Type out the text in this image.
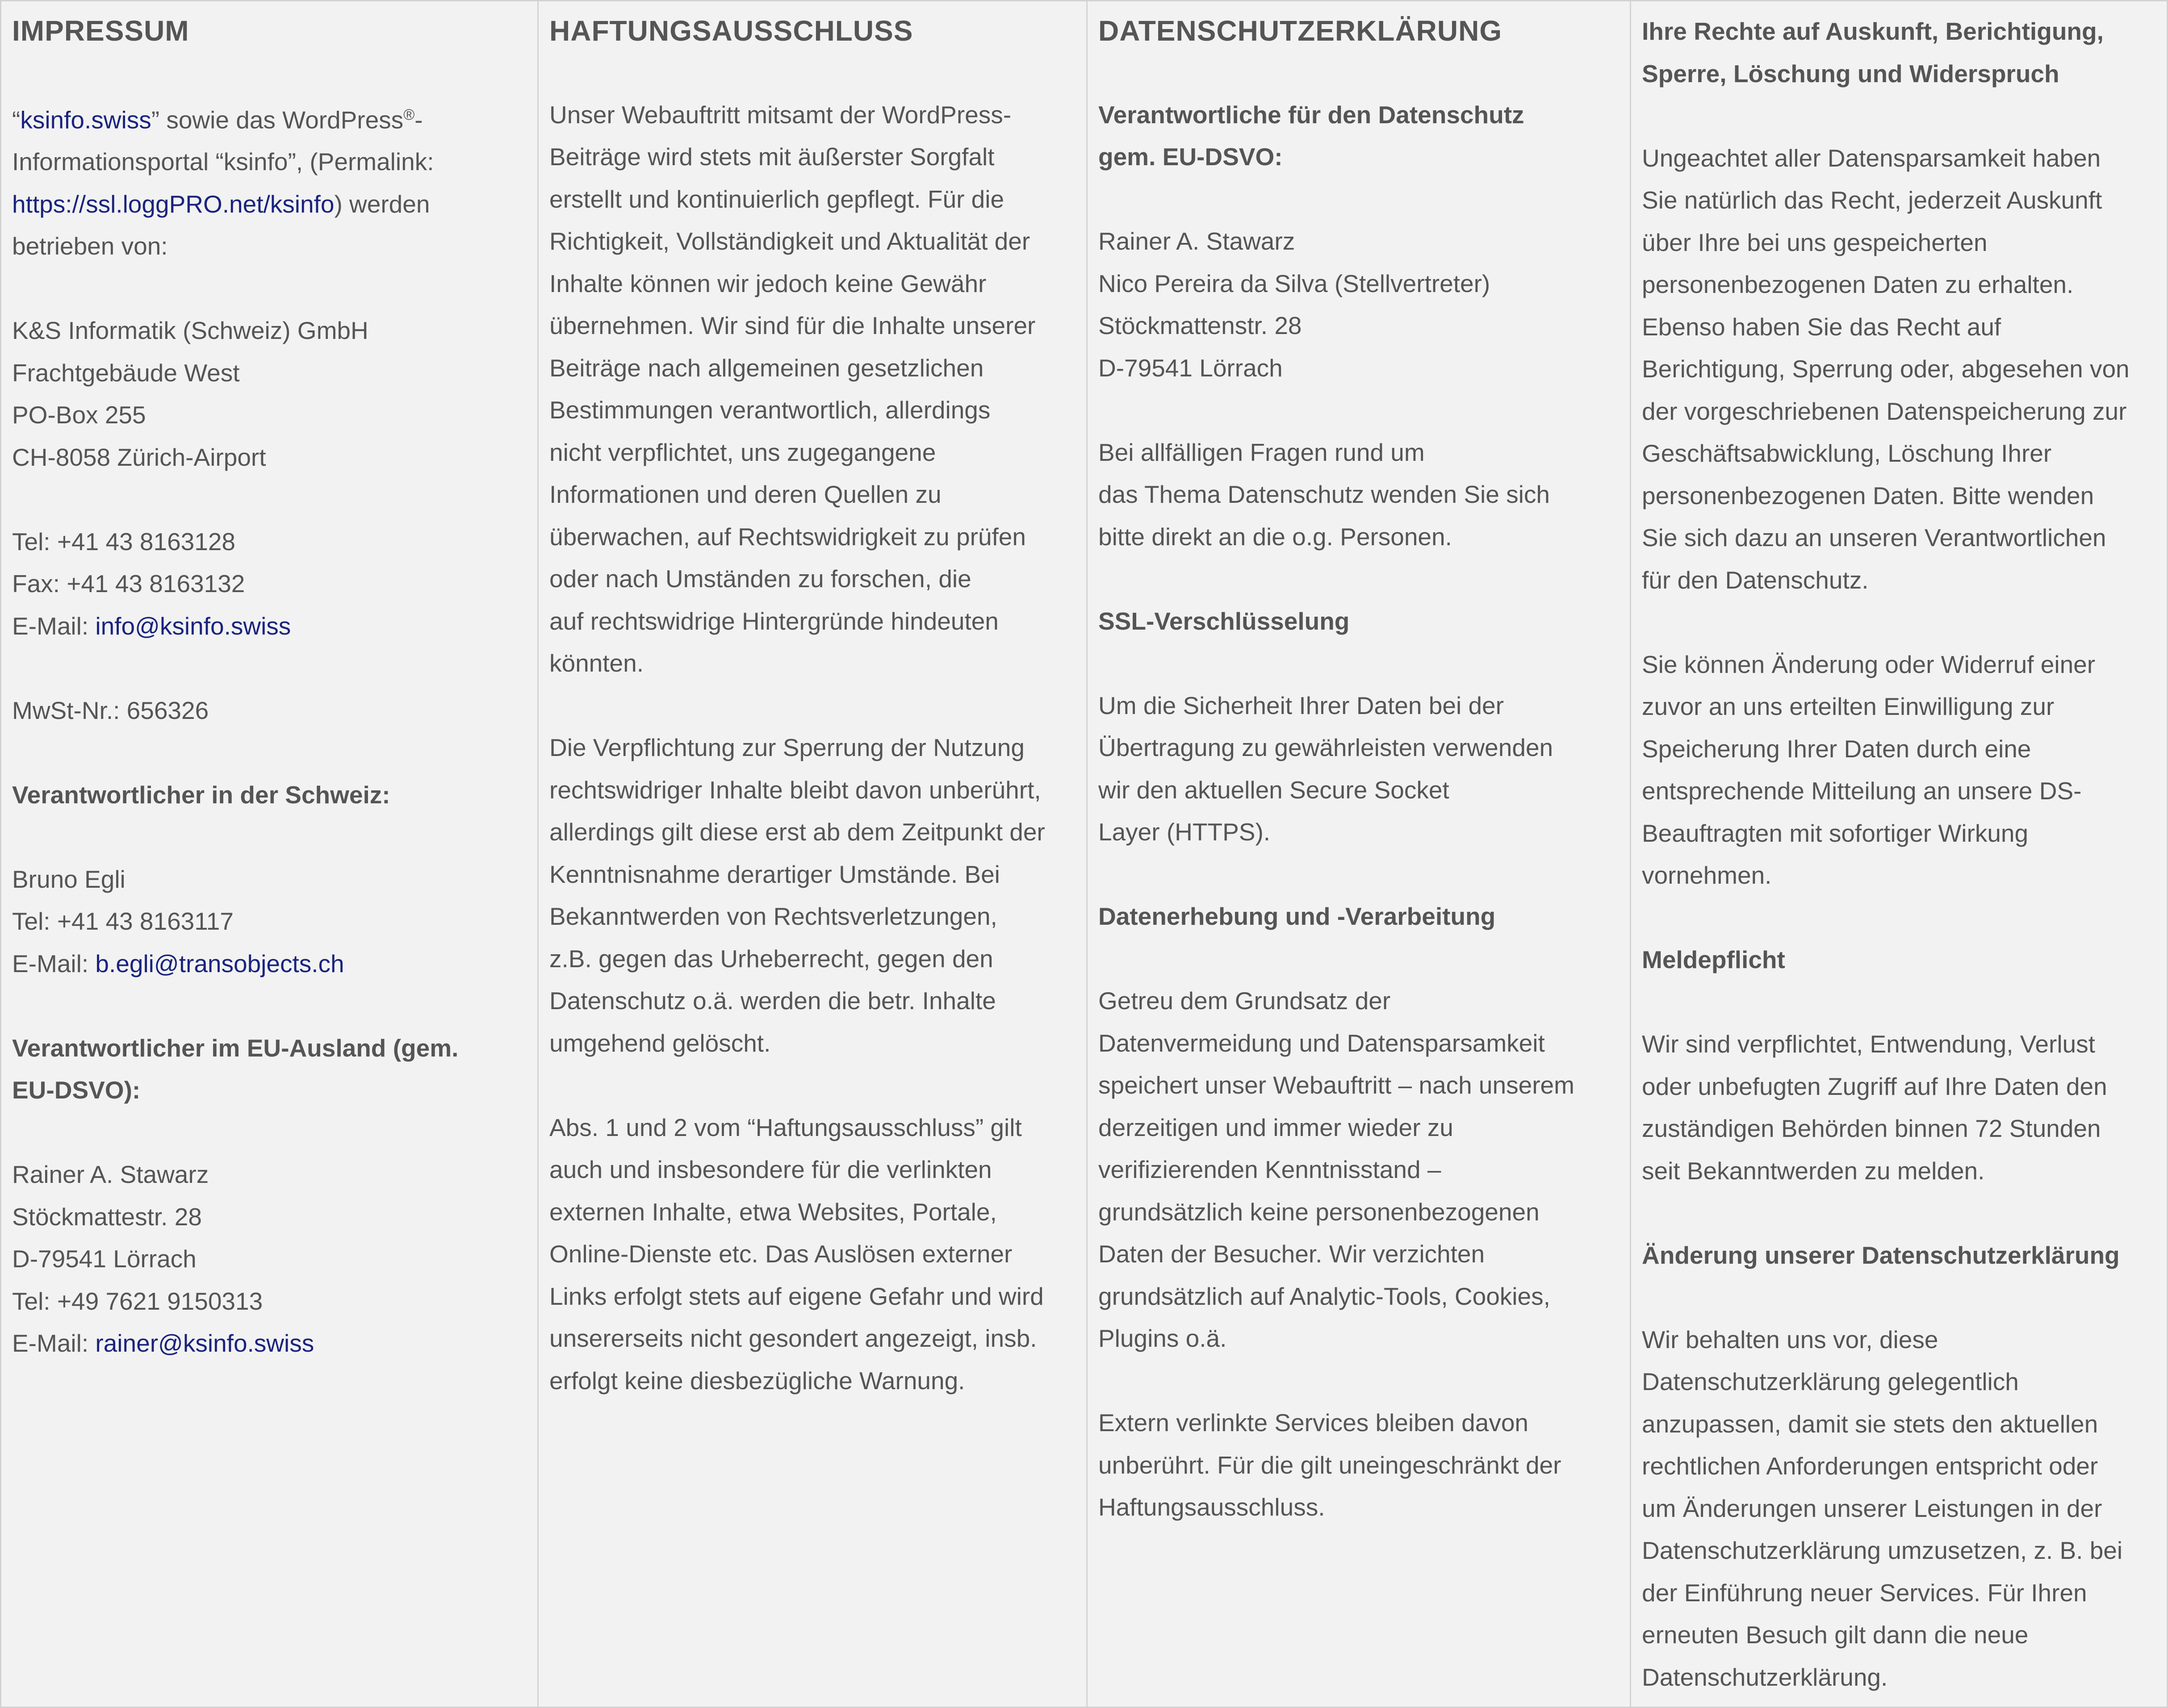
IMPRESSUM
“ksinfo.swiss” sowie das WordPress®-
Informationsportal “ksinfo”, (Permalink:
https://ssl.loggPRO.net/ksinfo) werden
betrieben von:
K&S Informatik (Schweiz) GmbH
Frachtgebäude West
PO-Box 255
CH-8058 Zürich-Airport
Tel: +41 43 8163128
Fax: +41 43 8163132
E-Mail: info@ksinfo.swiss
MwSt-Nr.: 656326
Verantwortlicher in der Schweiz:
Bruno Egli
Tel: +41 43 8163117
E-Mail: b.egli@transobjects.ch
Verantwortlicher im EU-Ausland (gem.
EU-DSVO):
Rainer A. Stawarz
Stöckmattestr. 28
D-79541 Lörrach
Tel: +49 7621 9150313
E-Mail: rainer@ksinfo.swiss
HAFTUNGSAUSSCHLUSS
Unser Webauftritt mitsamt der WordPress-
Beiträge wird stets mit äußerster Sorgfalt
erstellt und kontinuierlich gepflegt. Für die
Richtigkeit, Vollständigkeit und Aktualität der
Inhalte können wir jedoch keine Gewähr
übernehmen. Wir sind für die Inhalte unserer
Beiträge nach allgemeinen gesetzlichen
Bestimmungen verantwortlich, allerdings
nicht verpflichtet, uns zugegangene
Informationen und deren Quellen zu
überwachen, auf Rechtswidrigkeit zu prüfen
oder nach Umständen zu forschen, die
auf rechtswidrige Hintergründe hindeuten
könnten.
Die Verpflichtung zur Sperrung der Nutzung
rechtswidriger Inhalte bleibt davon unberührt,
allerdings gilt diese erst ab dem Zeitpunkt der
Kenntnisnahme derartiger Umstände. Bei
Bekanntwerden von Rechtsverletzungen,
z.B. gegen das Urheberrecht, gegen den
Datenschutz o.ä. werden die betr. Inhalte
umgehend gelöscht.
Abs. 1 und 2 vom “Haftungsausschluss” gilt
auch und insbesondere für die verlinkten
externen Inhalte, etwa Websites, Portale,
Online-Dienste etc. Das Auslösen externer
Links erfolgt stets auf eigene Gefahr und wird
unsererseits nicht gesondert angezeigt, insb.
erfolgt keine diesbezügliche Warnung.
DATENSCHUTZERKLÄRUNG
Verantwortliche für den Datenschutz
gem. EU-DSVO:
Rainer A. Stawarz
Nico Pereira da Silva (Stellvertreter)
Stöckmattenstr. 28
D-79541 Lörrach
Bei allfälligen Fragen rund um
das Thema Datenschutz wenden Sie sich
bitte direkt an die o.g. Personen.
SSL-Verschlüsselung
Um die Sicherheit Ihrer Daten bei der
Übertragung zu gewährleisten verwenden
wir den aktuellen Secure Socket
Layer (HTTPS).
Datenerhebung und -Verarbeitung
Getreu dem Grundsatz der
Datenvermeidung und Datensparsamkeit
speichert unser Webauftritt – nach unserem
derzeitigen und immer wieder zu
verifizierenden Kenntnisstand –
grundsätzlich keine personenbezogenen
Daten der Besucher. Wir verzichten
grundsätzlich auf Analytic-Tools, Cookies,
Plugins o.ä.
Extern verlinkte Services bleiben davon
unberührt. Für die gilt uneingeschränkt der
Haftungsausschluss.
Ihre Rechte auf Auskunft, Berichtigung,
Sperre, Löschung und Widerspruch
Ungeachtet aller Datensparsamkeit haben
Sie natürlich das Recht, jederzeit Auskunft
über Ihre bei uns gespeicherten
personenbezogenen Daten zu erhalten.
Ebenso haben Sie das Recht auf
Berichtigung, Sperrung oder, abgesehen von
der vorgeschriebenen Datenspeicherung zur
Geschäftsabwicklung, Löschung Ihrer
personenbezogenen Daten. Bitte wenden
Sie sich dazu an unseren Verantwortlichen
für den Datenschutz.
Sie können Änderung oder Widerruf einer
zuvor an uns erteilten Einwilligung zur
Speicherung Ihrer Daten durch eine
entsprechende Mitteilung an unsere DS-
Beauftragten mit sofortiger Wirkung
vornehmen.
Meldepflicht
Wir sind verpflichtet, Entwendung, Verlust
oder unbefugten Zugriff auf Ihre Daten den
zuständigen Behörden binnen 72 Stunden
seit Bekanntwerden zu melden.
Änderung unserer Datenschutzerklärung
Wir behalten uns vor, diese
Datenschutzerklärung gelegentlich
anzupassen, damit sie stets den aktuellen
rechtlichen Anforderungen entspricht oder
um Änderungen unserer Leistungen in der
Datenschutzerklärung umzusetzen, z. B. bei
der Einführung neuer Services. Für Ihren
erneuten Besuch gilt dann die neue
Datenschutzerklärung.
